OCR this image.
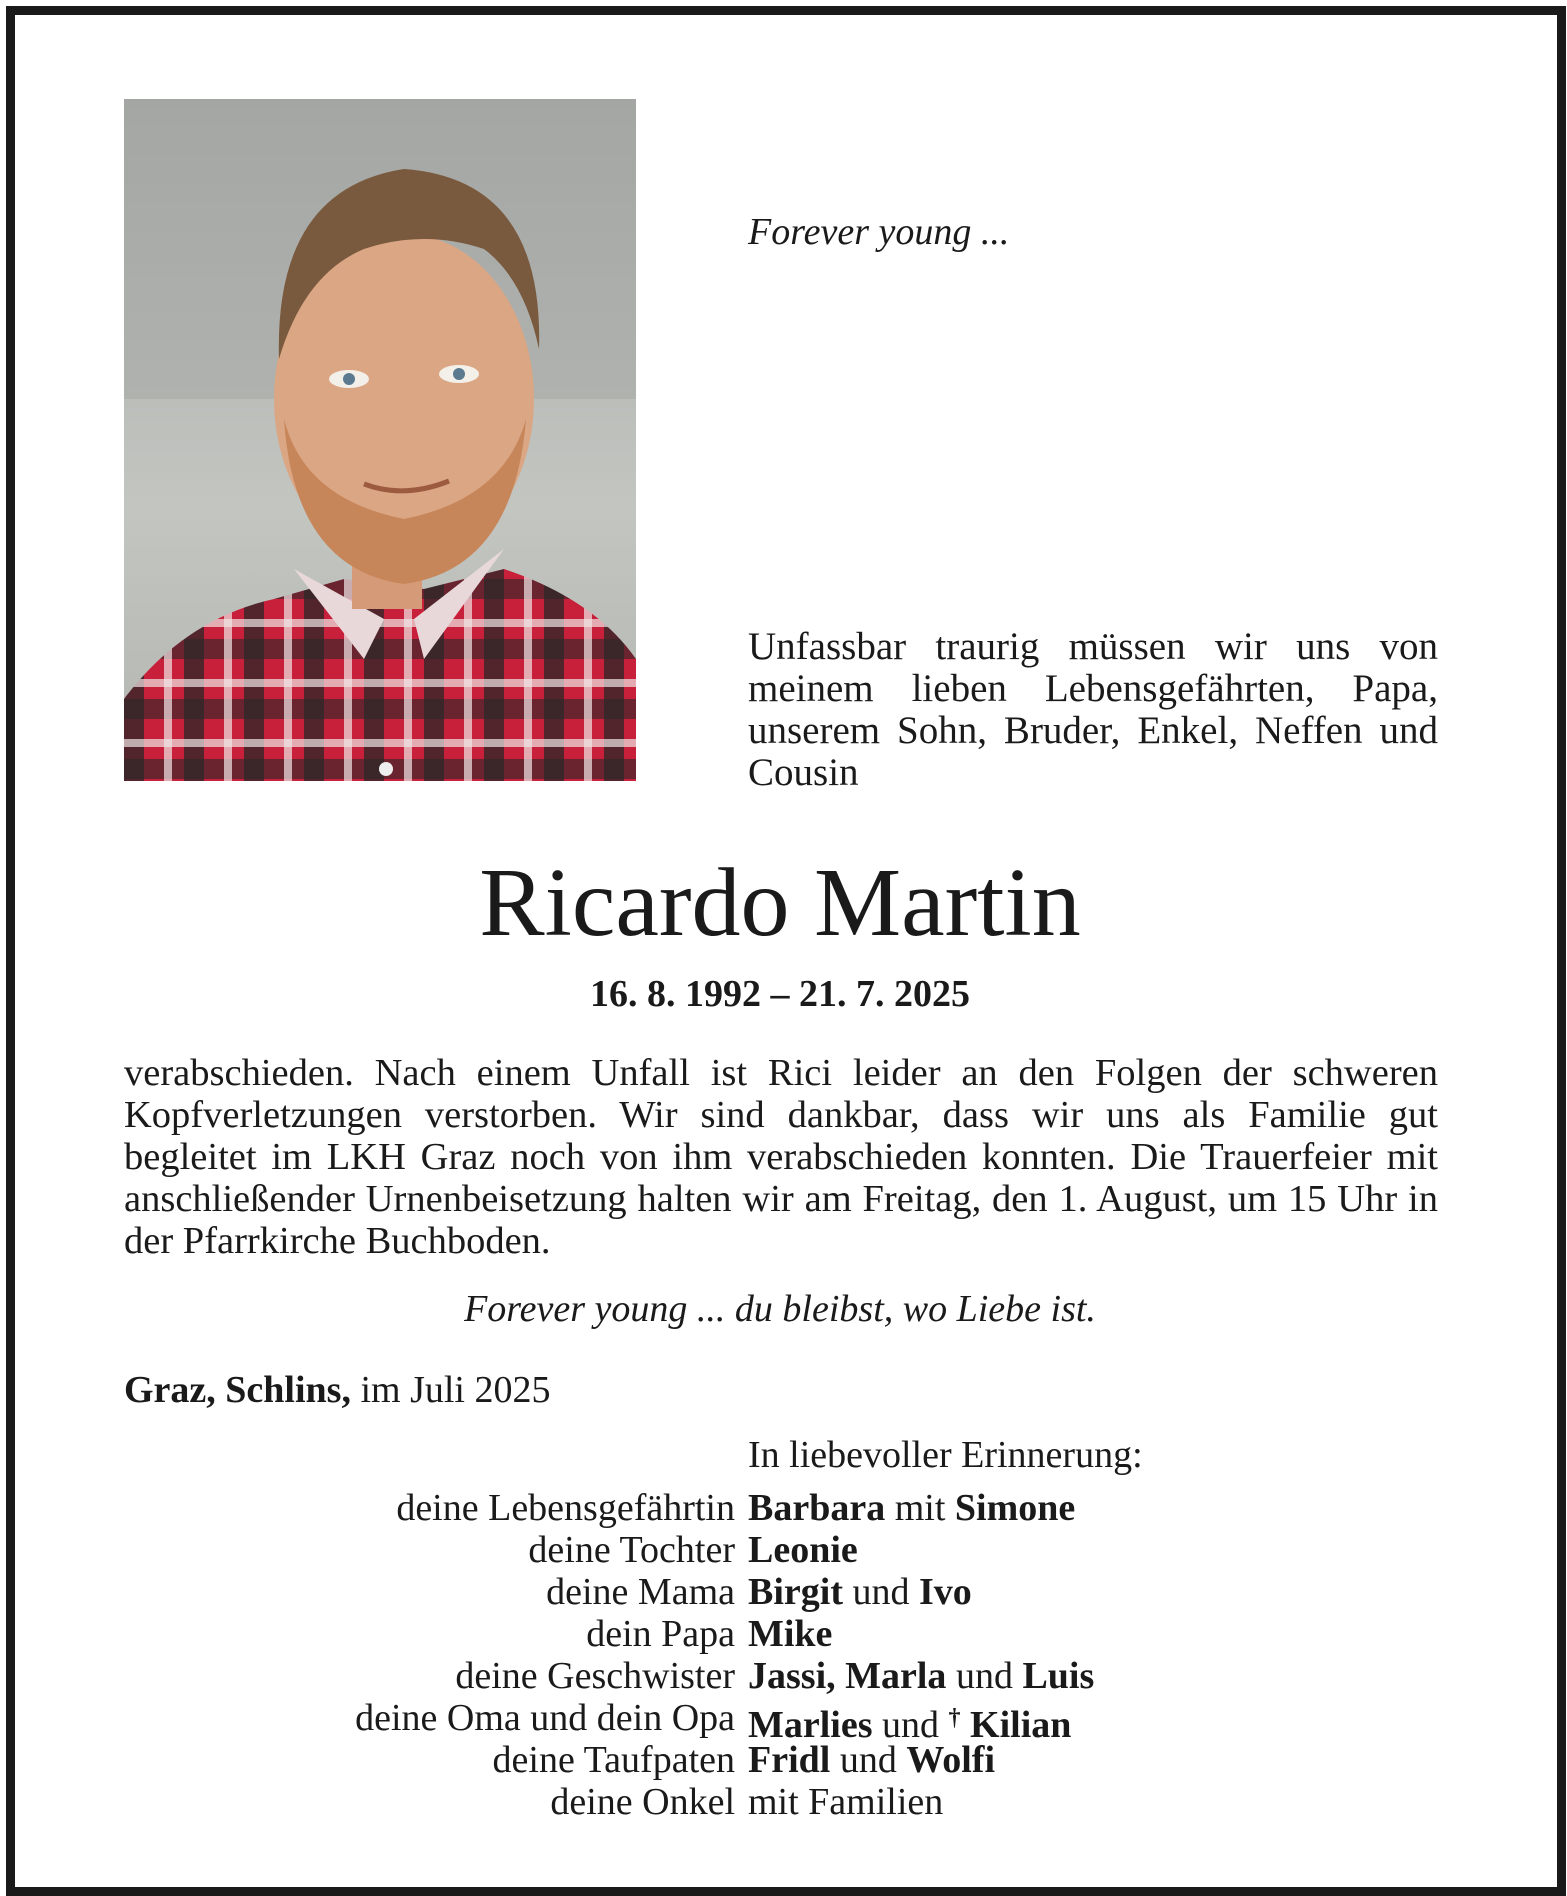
Forever young ...
Unfassbar traurig müssen wir uns von meinem lieben Lebensgefährten, Papa, unserem Sohn, Bruder, Enkel, Neffen und Cousin
Ricardo Martin
16. 8. 1992 – 21. 7. 2025
verabschieden. Nach einem Unfall ist Rici leider an den Folgen der schweren Kopfverletzungen verstorben. Wir sind dankbar, dass wir uns als Familie gut begleitet im LKH Graz noch von ihm verabschieden konnten. Die Trauerfeier mit anschließender Urnenbeisetzung halten wir am Freitag, den 1. August, um 15 Uhr in der Pfarrkirche Buchboden.
Forever young ... du bleibst, wo Liebe ist.
Graz, Schlins, im Juli 2025
In liebevoller Erinnerung:
deine Lebensgefährtin
deine Tochter
deine Mama
dein Papa
deine Geschwister
deine Oma und dein Opa
deine Taufpaten
deine Onkel
Barbara mit Simone
Leonie
Birgit und Ivo
Mike
Jassi, Marla und Luis
Marlies und † Kilian
Fridl und Wolfi
mit Familien
